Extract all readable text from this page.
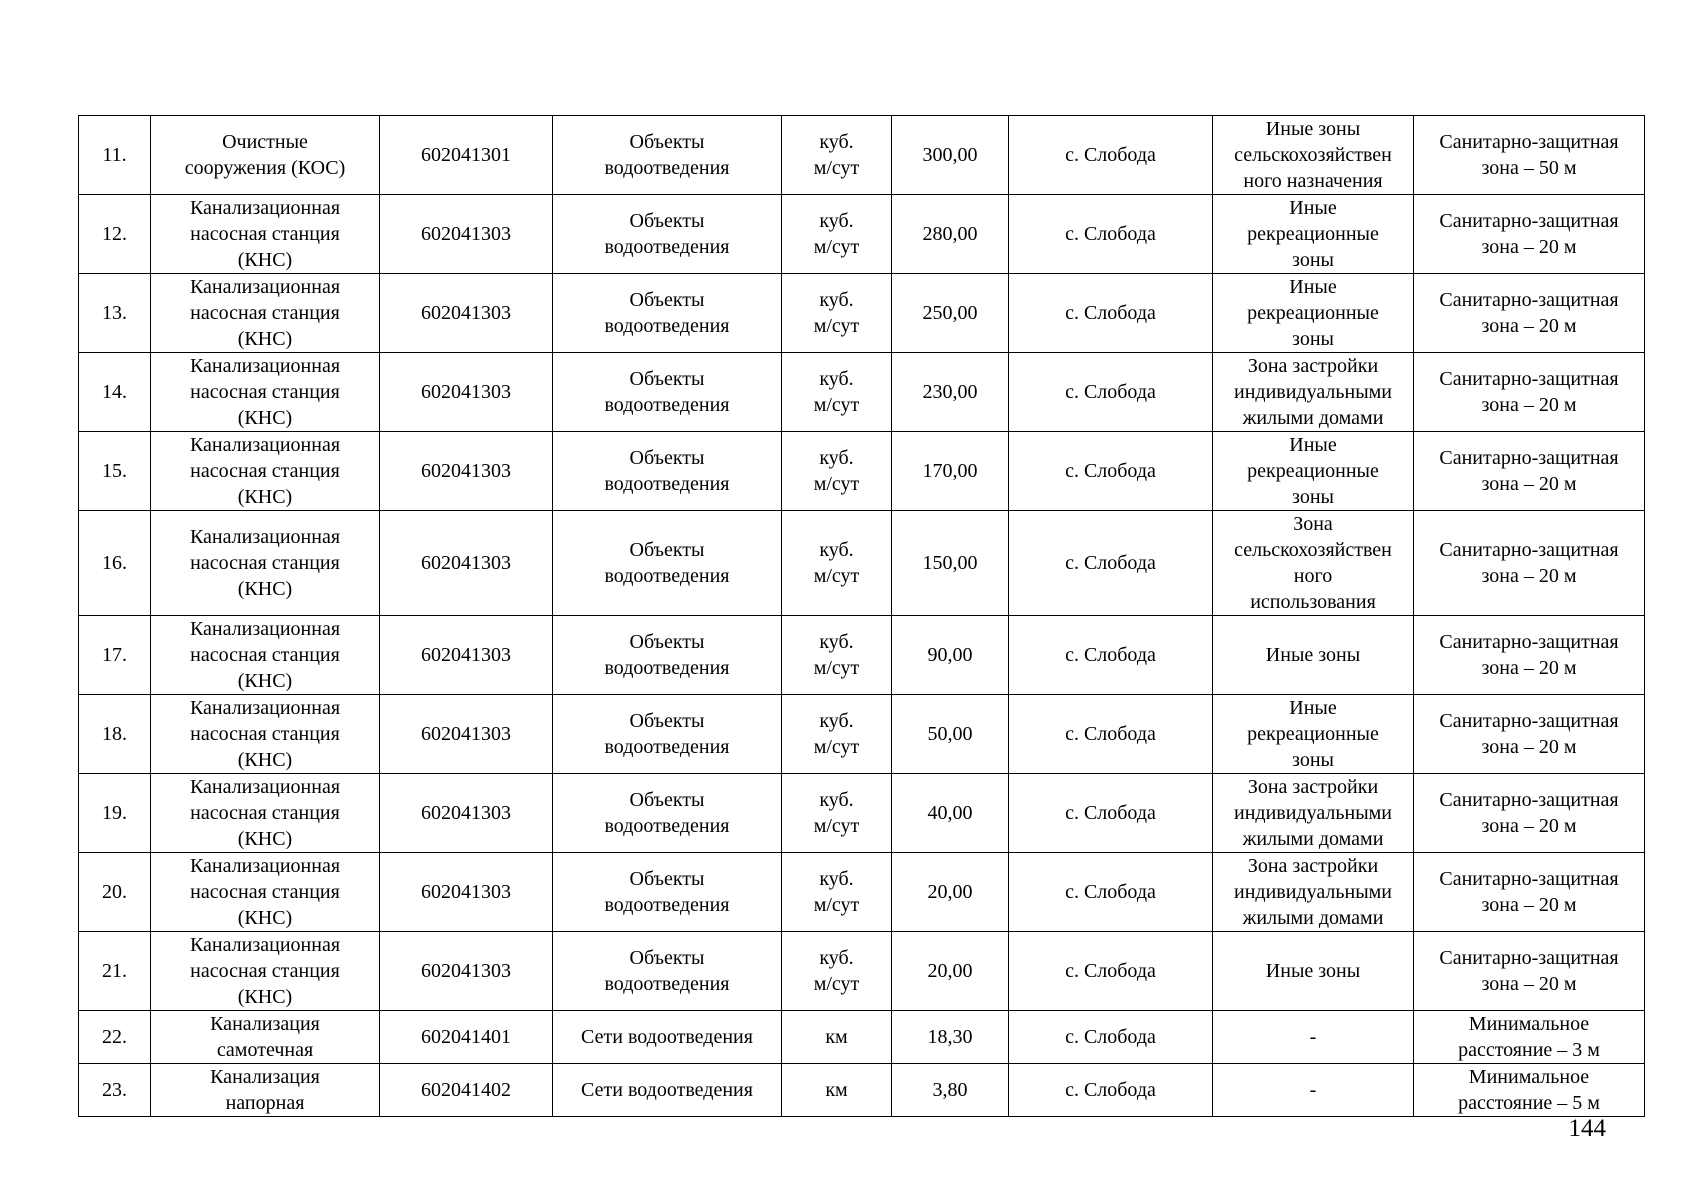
11.	Очистные
сооружения (КОС)	602041301	Объекты
водоотведения	куб.
м/сут	300,00	с. Слобода	Иные зоны
сельскохозяйствен
ного назначения	Санитарно-защитная
зона – 50 м

12.	Канализационная
насосная станция
(КНС)	602041303	Объекты
водоотведения	куб.
м/сут	280,00	с. Слобода	Иные
рекреационные
зоны	Санитарно-защитная
зона – 20 м

13.	Канализационная
насосная станция
(КНС)	602041303	Объекты
водоотведения	куб.
м/сут	250,00	с. Слобода	Иные
рекреационные
зоны	Санитарно-защитная
зона – 20 м

14.	Канализационная
насосная станция
(КНС)	602041303	Объекты
водоотведения	куб.
м/сут	230,00	с. Слобода	Зона застройки
индивидуальными
жилыми домами	Санитарно-защитная
зона – 20 м

15.	Канализационная
насосная станция
(КНС)	602041303	Объекты
водоотведения	куб.
м/сут	170,00	с. Слобода	Иные
рекреационные
зоны	Санитарно-защитная
зона – 20 м

16.	Канализационная
насосная станция
(КНС)	602041303	Объекты
водоотведения	куб.
м/сут	150,00	с. Слобода	Зона
сельскохозяйствен
ного
использования	Санитарно-защитная
зона – 20 м

17.	Канализационная
насосная станция
(КНС)	602041303	Объекты
водоотведения	куб.
м/сут	90,00	с. Слобода	Иные зоны	Санитарно-защитная
зона – 20 м

18.	Канализационная
насосная станция
(КНС)	602041303	Объекты
водоотведения	куб.
м/сут	50,00	с. Слобода	Иные
рекреационные
зоны	Санитарно-защитная
зона – 20 м

19.	Канализационная
насосная станция
(КНС)	602041303	Объекты
водоотведения	куб.
м/сут	40,00	с. Слобода	Зона застройки
индивидуальными
жилыми домами	Санитарно-защитная
зона – 20 м

20.	Канализационная
насосная станция
(КНС)	602041303	Объекты
водоотведения	куб.
м/сут	20,00	с. Слобода	Зона застройки
индивидуальными
жилыми домами	Санитарно-защитная
зона – 20 м

21.	Канализационная
насосная станция
(КНС)	602041303	Объекты
водоотведения	куб.
м/сут	20,00	с. Слобода	Иные зоны	Санитарно-защитная
зона – 20 м

22.	Канализация
самотечная	602041401	Сети водоотведения	км	18,30	с. Слобода	-	Минимальное
расстояние – 3 м

23.	Канализация
напорная	602041402	Сети водоотведения	км	3,80	с. Слобода	-	Минимальное
расстояние – 5 м
144
